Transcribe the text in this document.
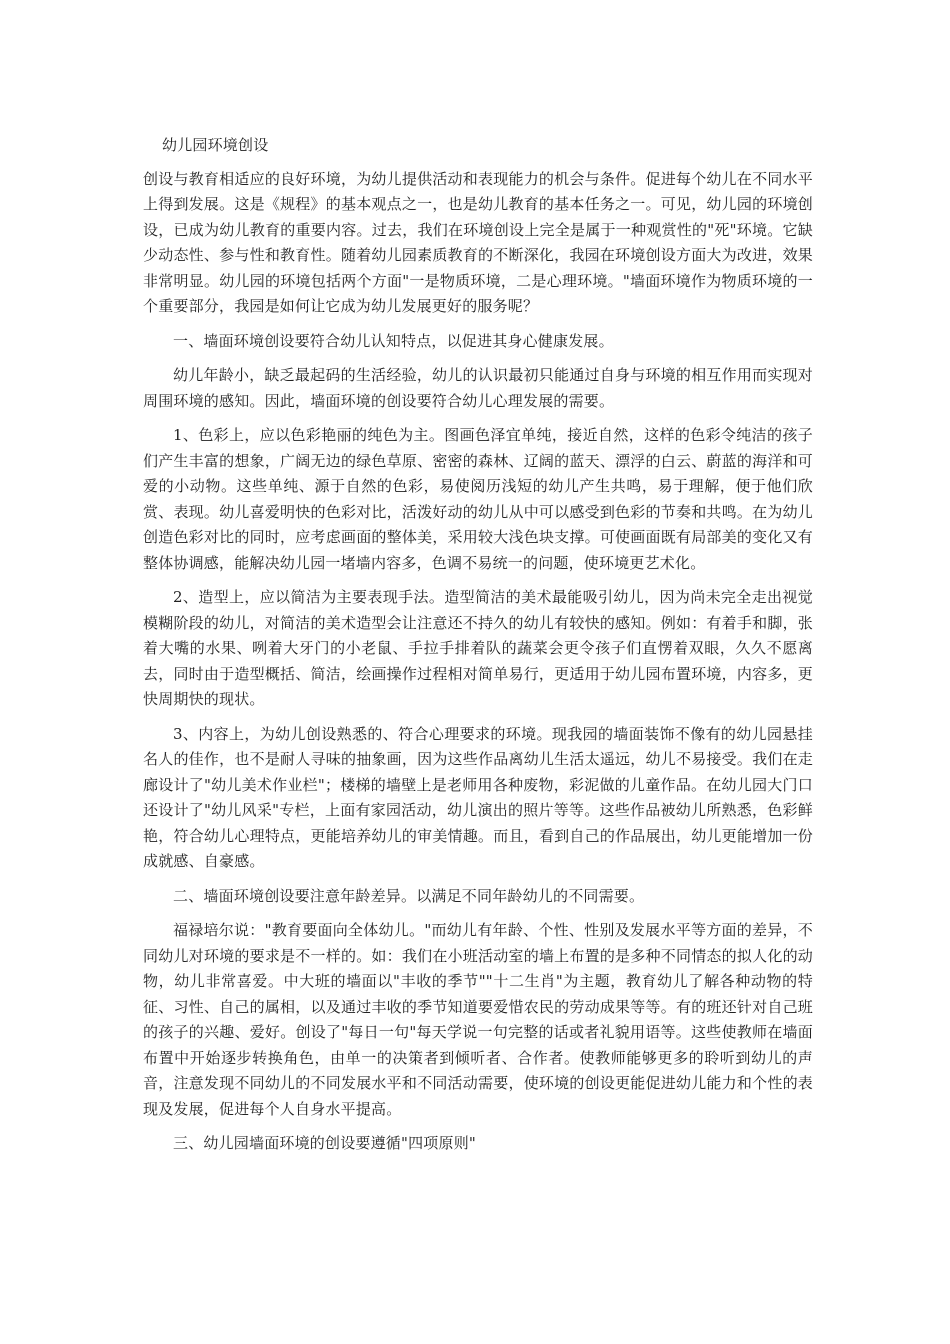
幼儿园环境创设

创设与教育相适应的良好环境，为幼儿提供活动和表现能力的机会与条件。促进每个幼儿在不同水平上得到发展。这是《规程》的基本观点之一，也是幼儿教育的基本任务之一。可见，幼儿园的环境创设，已成为幼儿教育的重要内容。过去，我们在环境创设上完全是属于一种观赏性的"死"环境。它缺少动态性、参与性和教育性。随着幼儿园素质教育的不断深化，我园在环境创设方面大为改进，效果非常明显。幼儿园的环境包括两个方面"一是物质环境，二是心理环境。"墙面环境作为物质环境的一个重要部分，我园是如何让它成为幼儿发展更好的服务呢？

一、墙面环境创设要符合幼儿认知特点，以促进其身心健康发展。

幼儿年龄小，缺乏最起码的生活经验，幼儿的认识最初只能通过自身与环境的相互作用而实现对周围环境的感知。因此，墙面环境的创设要符合幼儿心理发展的需要。

1、色彩上，应以色彩艳丽的纯色为主。图画色泽宜单纯，接近自然，这样的色彩令纯洁的孩子们产生丰富的想象，广阔无边的绿色草原、密密的森林、辽阔的蓝天、漂浮的白云、蔚蓝的海洋和可爱的小动物。这些单纯、源于自然的色彩，易使阅历浅短的幼儿产生共鸣，易于理解，便于他们欣赏、表现。幼儿喜爱明快的色彩对比，活泼好动的幼儿从中可以感受到色彩的节奏和共鸣。在为幼儿创造色彩对比的同时，应考虑画面的整体美，采用较大浅色块支撑。可使画面既有局部美的变化又有整体协调感，能解决幼儿园一堵墙内容多，色调不易统一的问题，使环境更艺术化。

2、造型上，应以简洁为主要表现手法。造型简洁的美术最能吸引幼儿，因为尚未完全走出视觉模糊阶段的幼儿，对简洁的美术造型会让注意还不持久的幼儿有较快的感知。例如：有着手和脚，张着大嘴的水果、咧着大牙门的小老鼠、手拉手排着队的蔬菜会更令孩子们直愣着双眼，久久不愿离去，同时由于造型概括、简洁，绘画操作过程相对简单易行，更适用于幼儿园布置环境，内容多，更快周期快的现状。

3、内容上，为幼儿创设熟悉的、符合心理要求的环境。现我园的墙面装饰不像有的幼儿园悬挂名人的佳作，也不是耐人寻味的抽象画，因为这些作品离幼儿生活太遥远，幼儿不易接受。我们在走廊设计了"幼儿美术作业栏"；楼梯的墙壁上是老师用各种废物，彩泥做的儿童作品。在幼儿园大门口还设计了"幼儿风采"专栏，上面有家园活动，幼儿演出的照片等等。这些作品被幼儿所熟悉，色彩鲜艳，符合幼儿心理特点，更能培养幼儿的审美情趣。而且，看到自己的作品展出，幼儿更能增加一份成就感、自豪感。

二、墙面环境创设要注意年龄差异。以满足不同年龄幼儿的不同需要。

福禄培尔说："教育要面向全体幼儿。"而幼儿有年龄、个性、性别及发展水平等方面的差异，不同幼儿对环境的要求是不一样的。如：我们在小班活动室的墙上布置的是多种不同情态的拟人化的动物，幼儿非常喜爱。中大班的墙面以"丰收的季节""十二生肖"为主题，教育幼儿了解各种动物的特征、习性、自己的属相，以及通过丰收的季节知道要爱惜农民的劳动成果等等。有的班还针对自己班的孩子的兴趣、爱好。创设了"每日一句"每天学说一句完整的话或者礼貌用语等。这些使教师在墙面布置中开始逐步转换角色，由单一的决策者到倾听者、合作者。使教师能够更多的聆听到幼儿的声音，注意发现不同幼儿的不同发展水平和不同活动需要，使环境的创设更能促进幼儿能力和个性的表现及发展，促进每个人自身水平提高。

三、幼儿园墙面环境的创设要遵循"四项原则"
